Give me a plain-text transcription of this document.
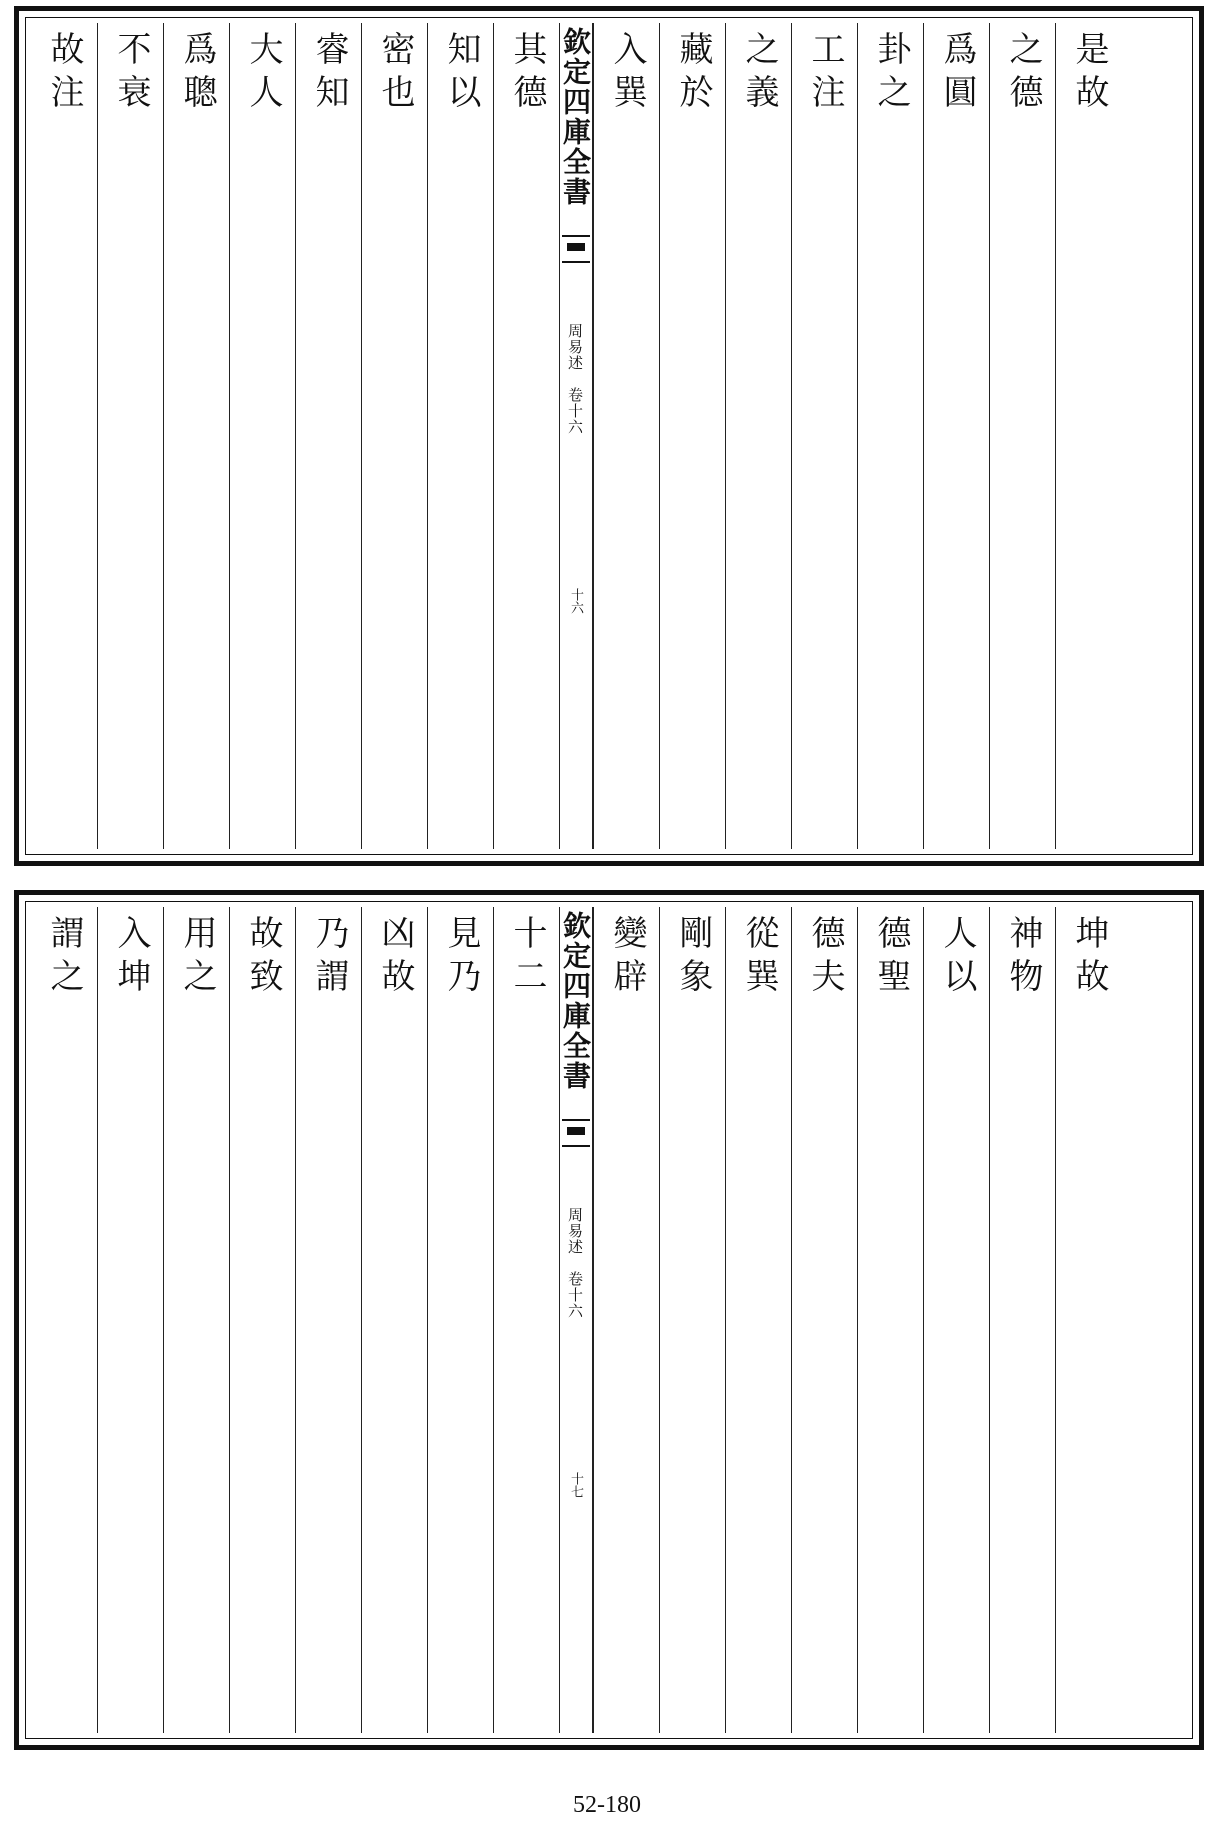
故注
不衰
爲聰
大人
睿知
密也
知以
其德 欽定四庫全書
周易述　卷十六
十六
入巽
藏於
之義
工注
卦之
爲圓
之德
是故
謂之
入坤
用之
故致
乃謂
凶故
見乃
十二 欽定四庫全書
周易述　卷十六
十七
變辟
剛象
從巽
德夫
德聖
人以
神物
坤故
52-180
